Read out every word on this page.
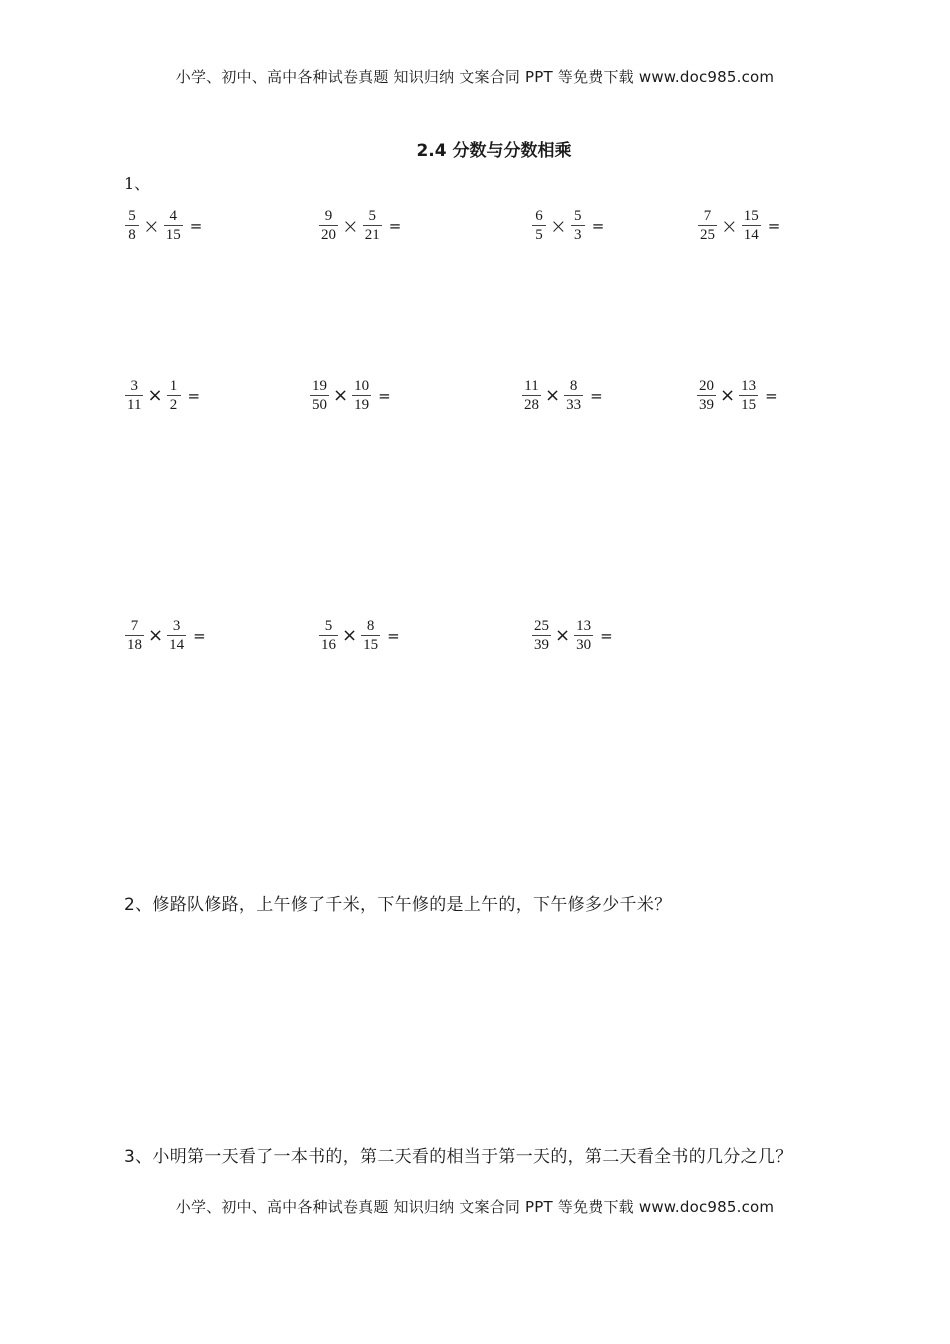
小学、初中、高中各种试卷真题 知识归纳 文案合同 PPT 等免费下载 www.doc985.com
2.4 分数与分数相乘
1、
$\frac{5}{8} \times \frac{4}{15}$ =	$\frac{9}{20} \times \frac{5}{21}$ =	$\frac{6}{5} \times \frac{5}{3}$ =	$\frac{7}{25} \times \frac{15}{14}$ =
$\frac{3}{11} \times \frac{1}{2}$ =	$\frac{19}{50} \times \frac{10}{19}$ =	$\frac{11}{28} \times \frac{8}{33}$ =	$\frac{20}{39} \times \frac{13}{15}$ =
$\frac{7}{18} \times \frac{3}{14}$ =	$\frac{5}{16} \times \frac{8}{15}$ =	$\frac{25}{39} \times \frac{13}{30}$ =
2、修路队修路，上午修了千米，下午修的是上午的，下午修多少千米？
3、小明第一天看了一本书的，第二天看的相当于第一天的，第二天看全书的几分之几？
小学、初中、高中各种试卷真题 知识归纳 文案合同 PPT 等免费下载 www.doc985.com
